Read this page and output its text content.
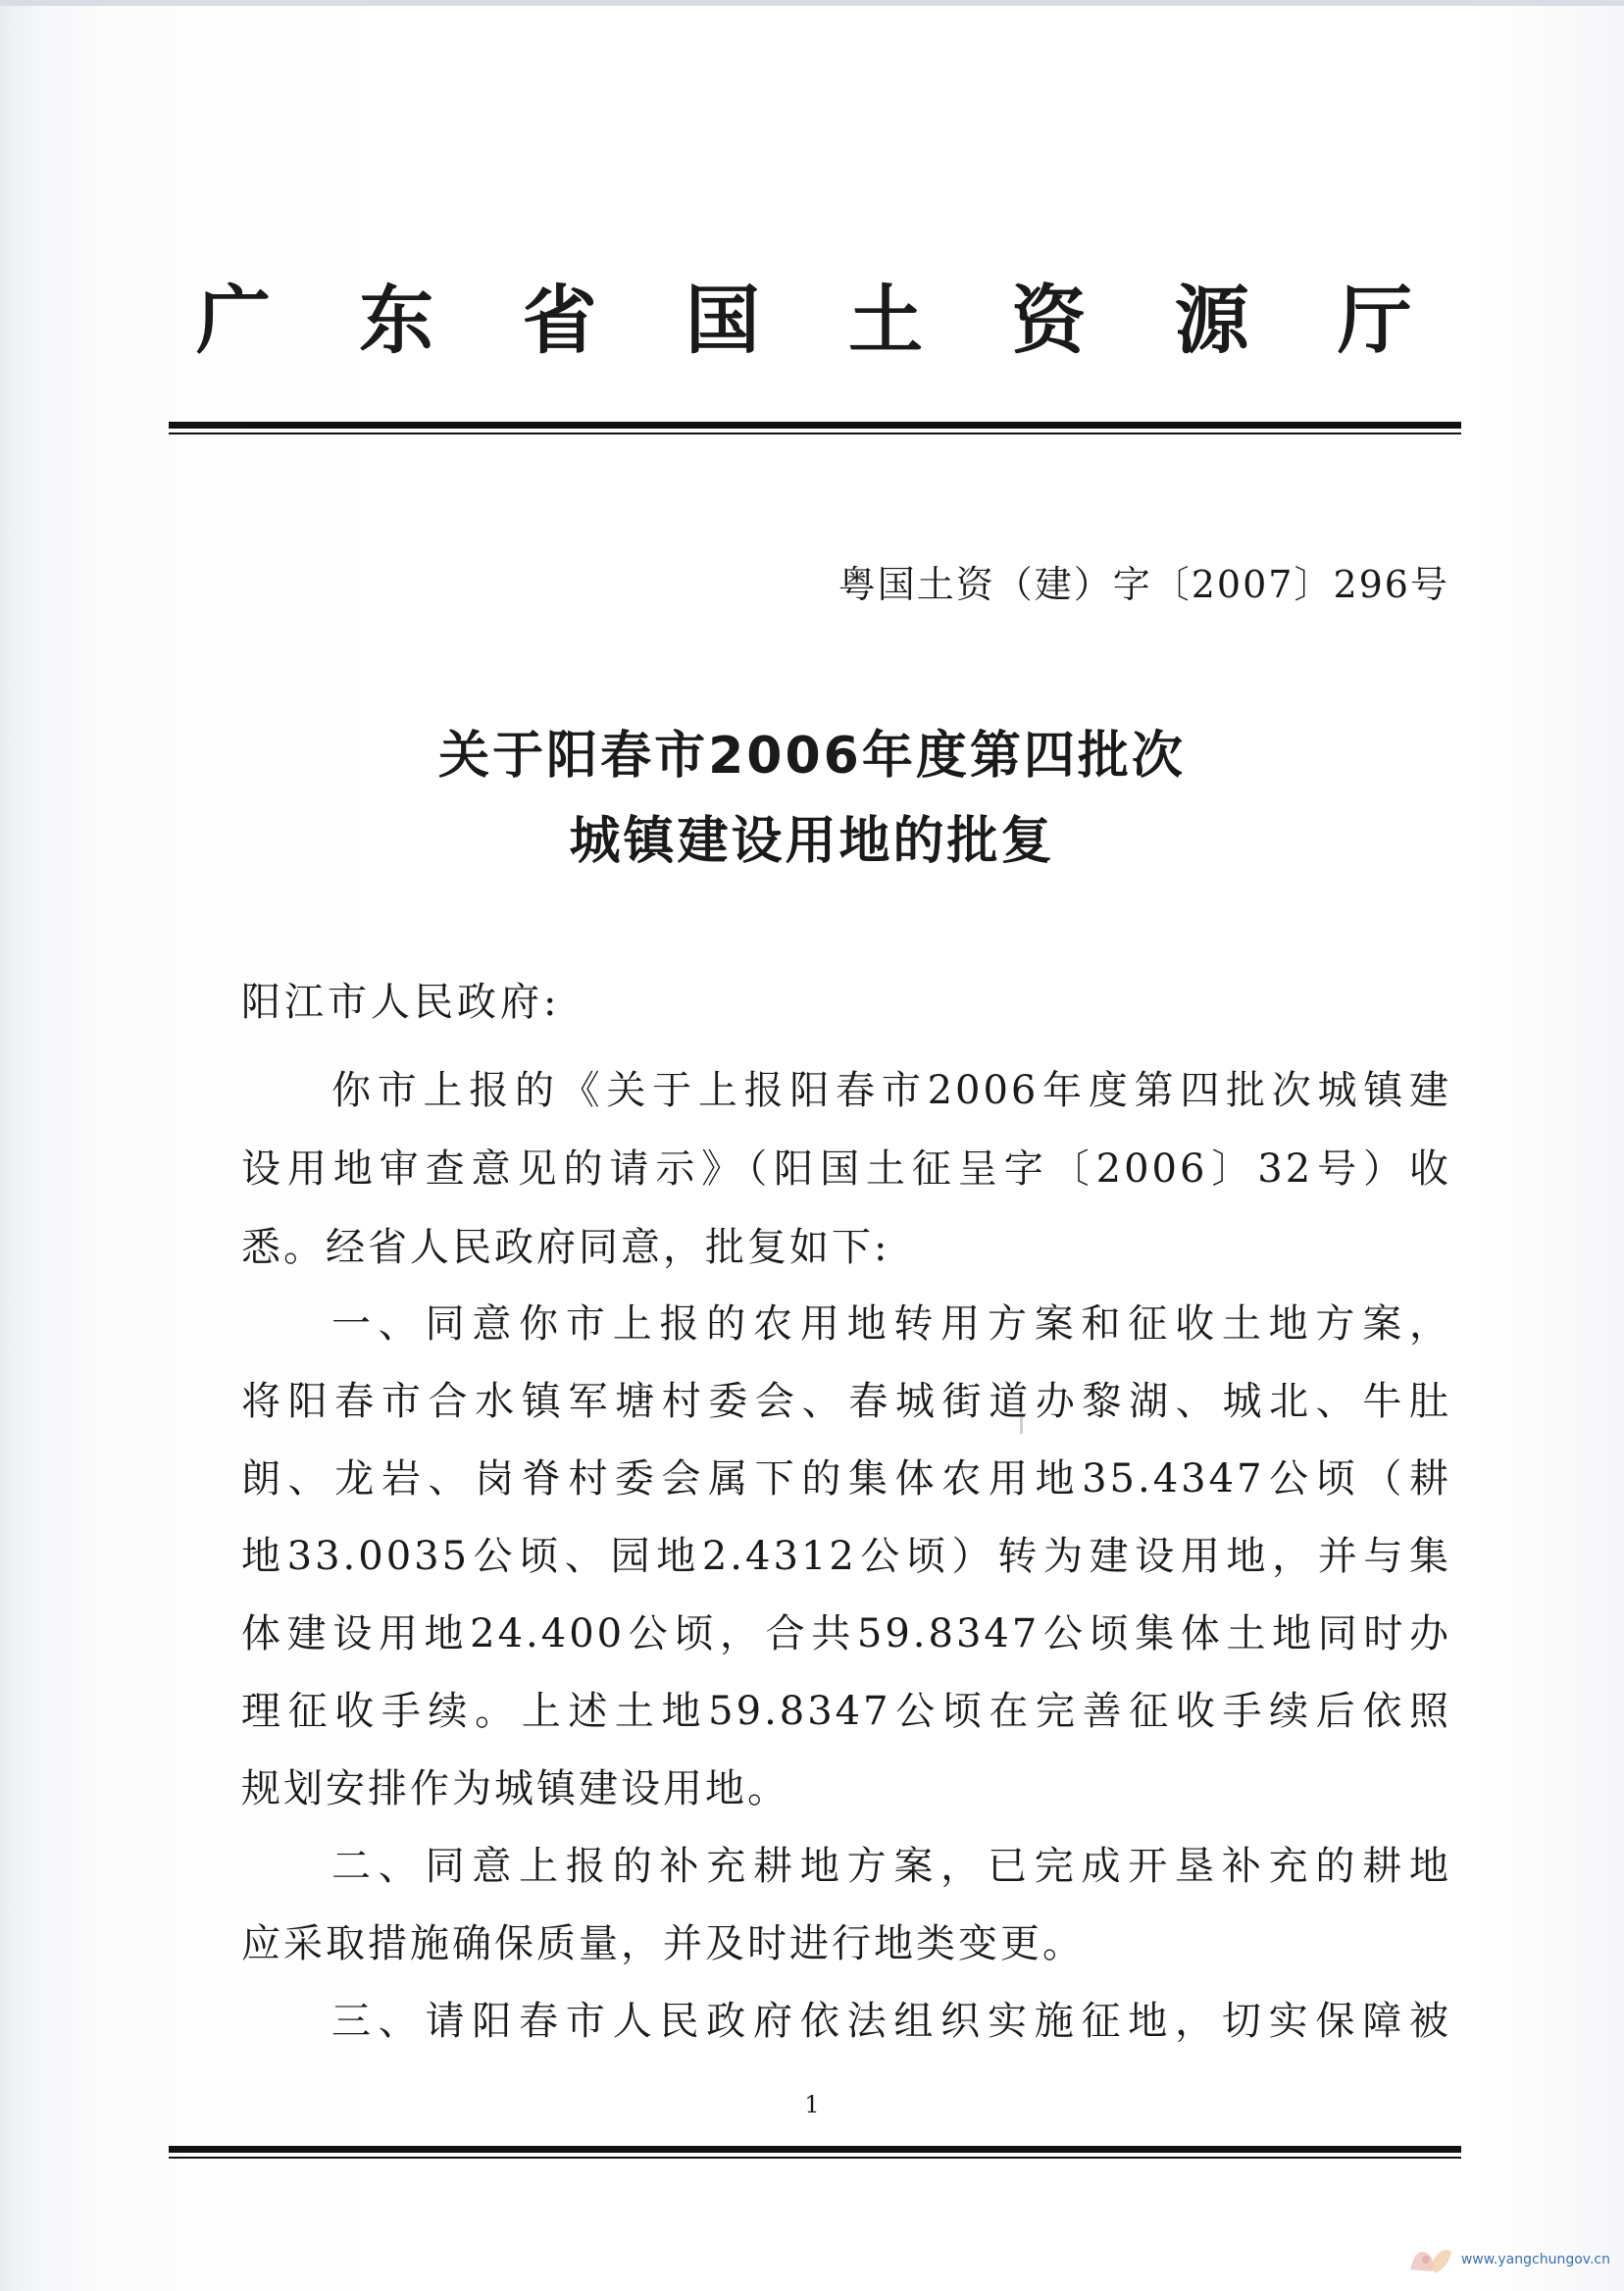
广 东 省 国 土 资 源 厅
粤国土资（建）字〔2007〕296号
关于阳春市2006年度第四批次
城镇建设用地的批复
阳江市人民政府:
你市上报的《关于上报阳春市2006年度第四批次城镇建
设用地审查意见的请示》（阳国土征呈字〔2006〕32号）收
悉。经省人民政府同意，批复如下:
一、同意你市上报的农用地转用方案和征收土地方案，
将阳春市合水镇军塘村委会、春城街道办黎湖、城北、牛肚
朗、龙岩、岗脊村委会属下的集体农用地35.4347公顷（耕
地33.0035公顷、园地2.4312公顷）转为建设用地，并与集
体建设用地24.400公顷，合共59.8347公顷集体土地同时办
理征收手续。上述土地59.8347公顷在完善征收手续后依照
规划安排作为城镇建设用地。
二、同意上报的补充耕地方案，已完成开垦补充的耕地
应采取措施确保质量，并及时进行地类变更。
三、请阳春市人民政府依法组织实施征地，切实保障被
1
www.yangchungov.cn
